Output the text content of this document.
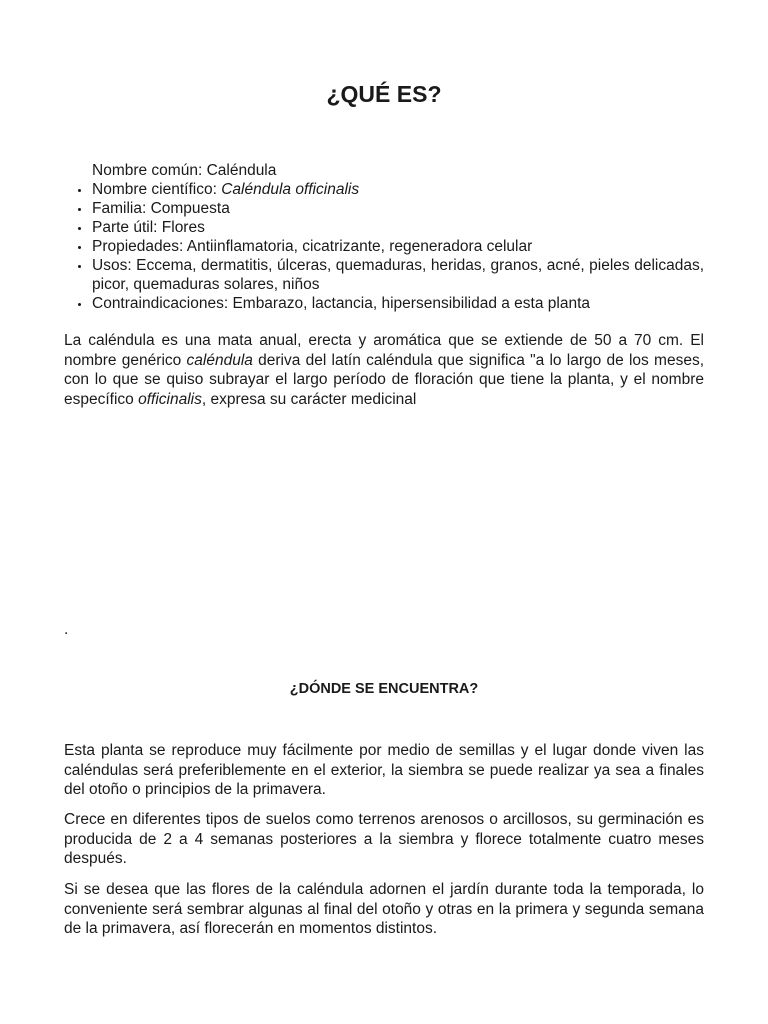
¿QUÉ ES?
Nombre común: Caléndula
Nombre científico: Caléndula officinalis
Familia: Compuesta
Parte útil: Flores
Propiedades: Antiinflamatoria, cicatrizante, regeneradora celular
Usos: Eccema, dermatitis, úlceras, quemaduras, heridas, granos, acné, pieles delicadas, picor, quemaduras solares, niños
Contraindicaciones: Embarazo, lactancia, hipersensibilidad a esta planta
La caléndula es una mata anual, erecta y aromática que se extiende de 50 a 70 cm. El nombre genérico caléndula deriva del latín caléndula que significa "a lo largo de los meses, con lo que se quiso subrayar el largo período de floración que tiene la planta, y el nombre específico officinalis, expresa su carácter medicinal
.
¿DÓNDE SE ENCUENTRA?
Esta planta se reproduce muy fácilmente por medio de semillas y el lugar donde viven las caléndulas será preferiblemente en el exterior, la siembra se puede realizar ya sea a finales del otoño o principios de la primavera.
Crece en diferentes tipos de suelos como terrenos arenosos o arcillosos, su germinación es producida de 2 a 4 semanas posteriores a la siembra y florece totalmente cuatro meses después.
Si se desea que las flores de la caléndula adornen el jardín durante toda la temporada, lo conveniente será sembrar algunas al final del otoño y otras en la primera y segunda semana de la primavera, así florecerán en momentos distintos.
